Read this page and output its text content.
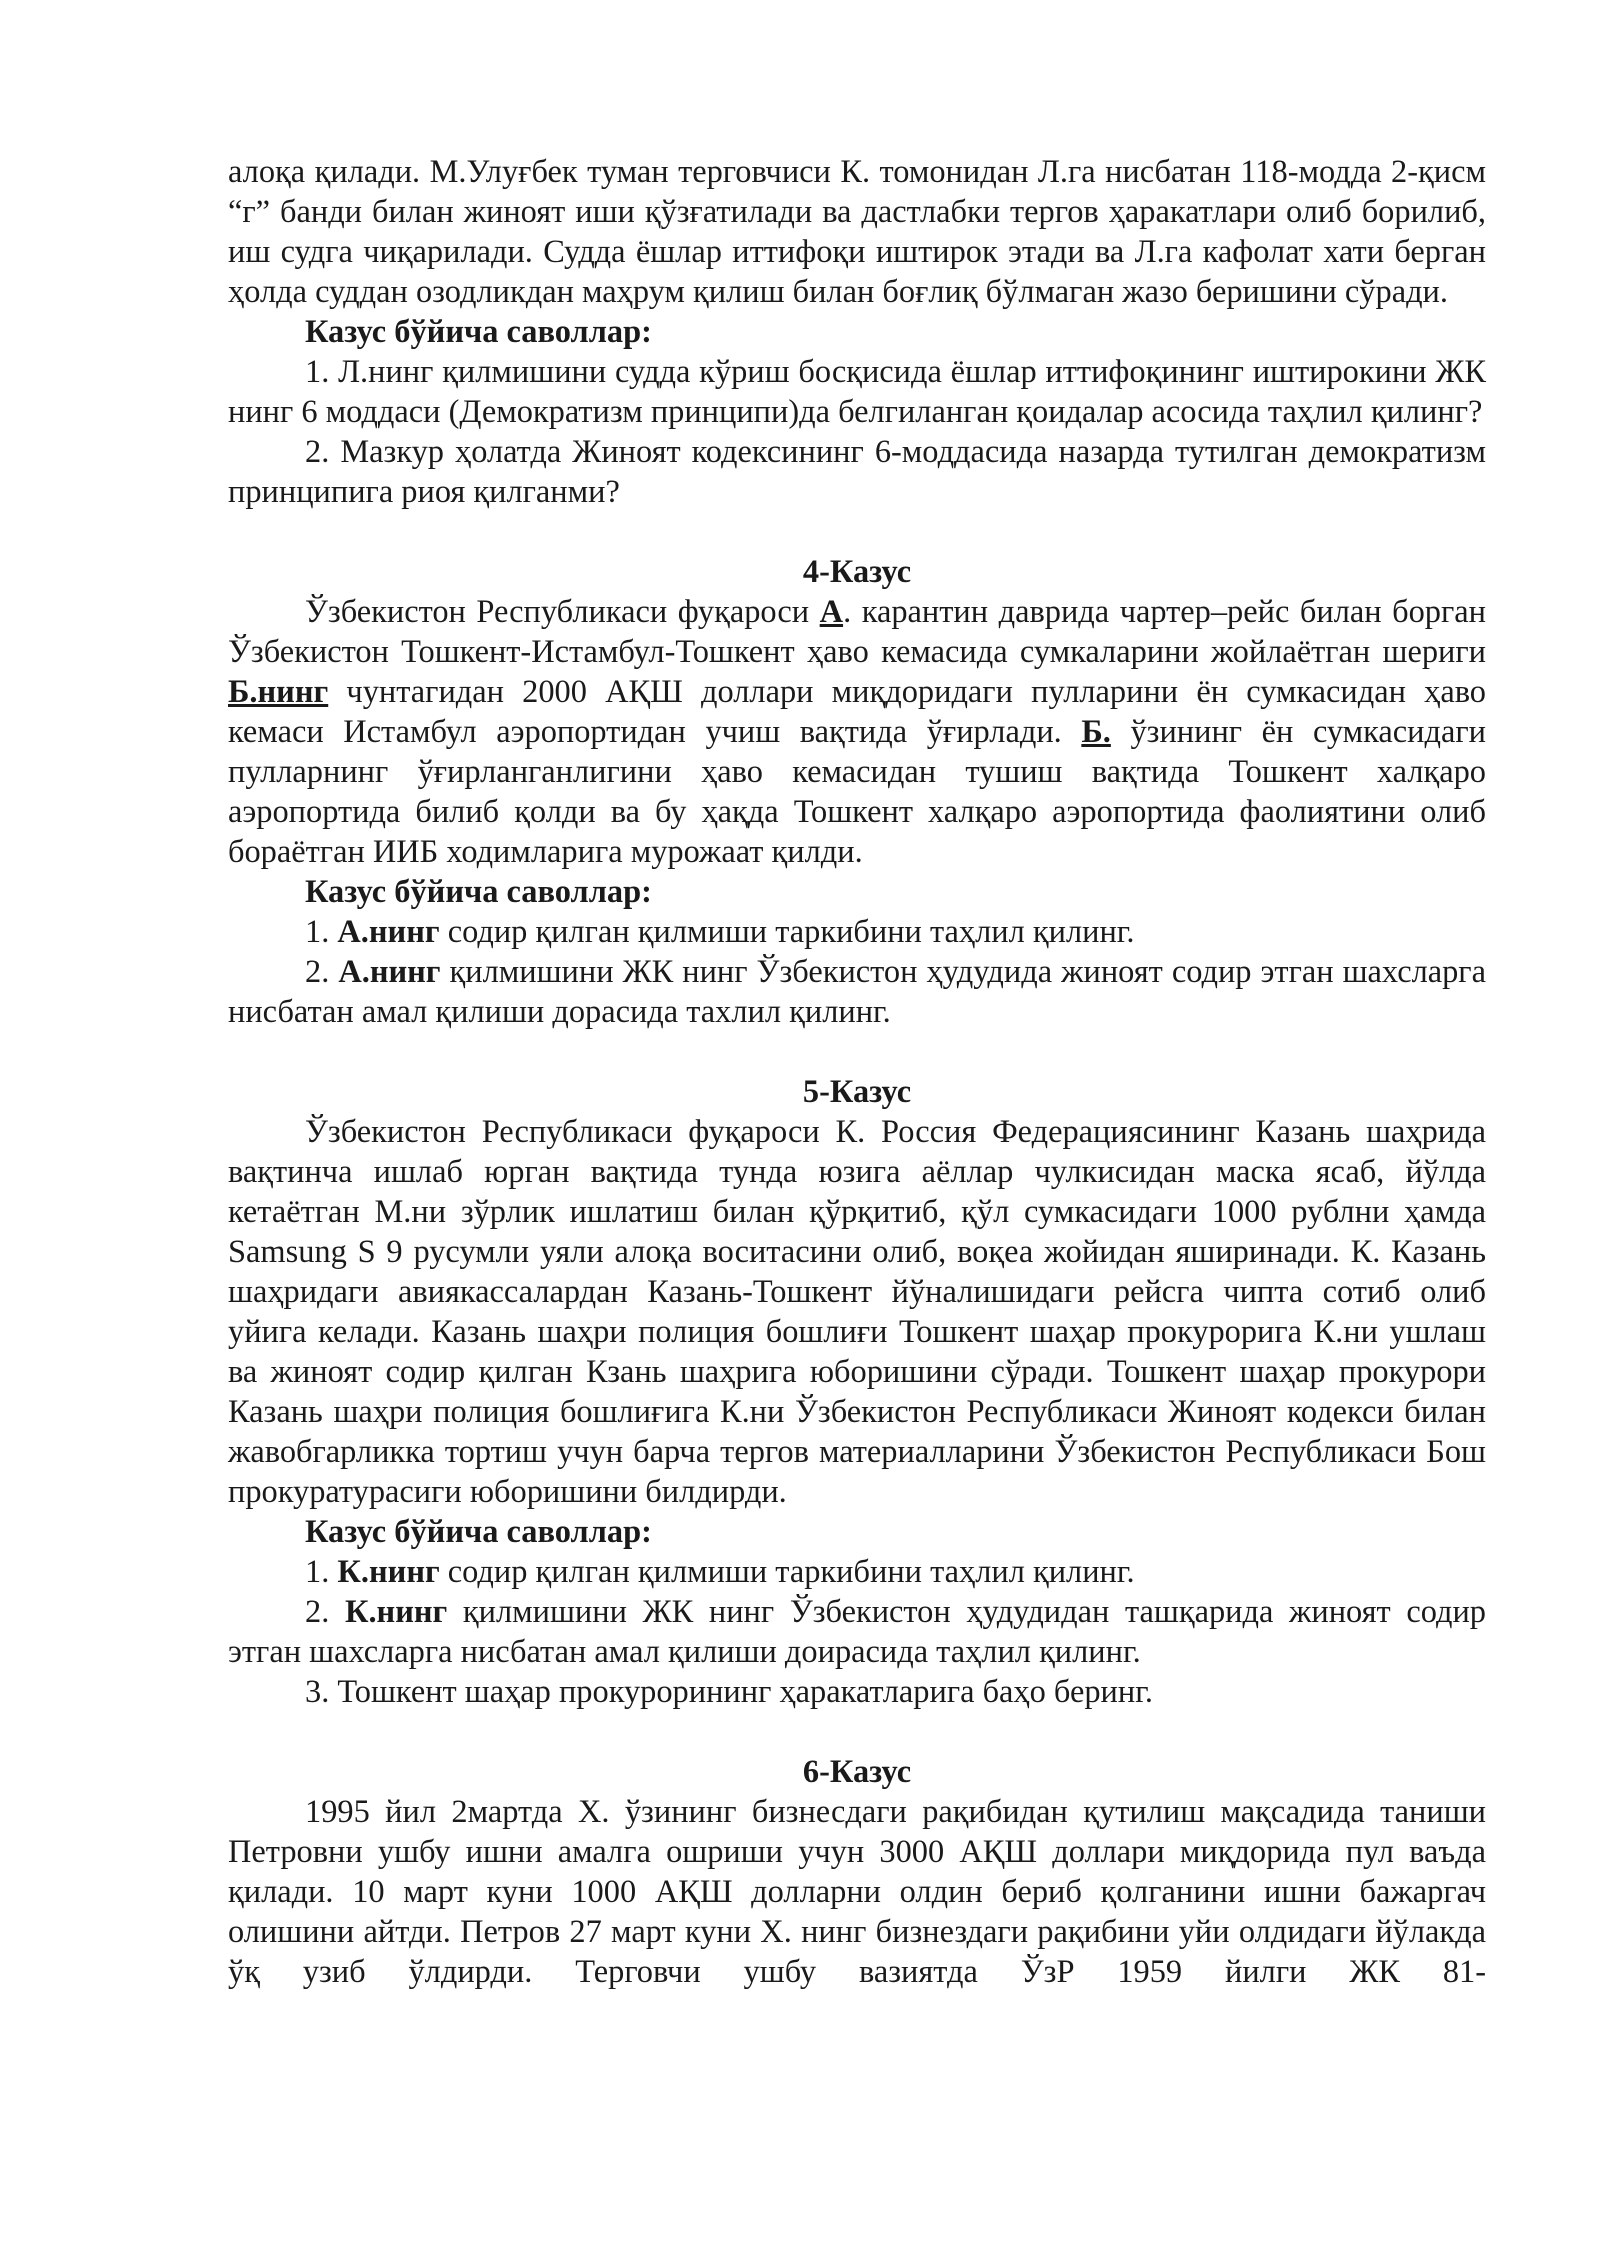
алоқа қилади. М.Улуғбек туман терговчиси К. томонидан Л.га нисбатан 118-модда 2-қисм “г” банди билан жиноят иши қўзғатилади ва дастлабки тергов ҳаракатлари олиб борилиб, иш судга чиқарилади. Судда ёшлар иттифоқи иштирок этади ва Л.га кафолат хати берган ҳолда суддан озодликдан маҳрум қилиш билан боғлиқ бўлмаган жазо беришини сўради.

Казус бўйича саволлар:

1. Л.нинг қилмишини судда кўриш босқисида ёшлар иттифоқининг иштирокини ЖК нинг 6 моддаси (Демократизм принципи)да белгиланган қоидалар асосида таҳлил қилинг?

2. Мазкур ҳолатда Жиноят кодексининг 6-моддасида назарда тутилган демократизм принципига риоя қилганми?

4-Казус

Ўзбекистон Республикаси фуқароси А. карантин даврида чартер–рейс билан борган Ўзбекистон Тошкент-Истамбул-Тошкент ҳаво кемасида сумкаларини жойлаётган шериги Б.нинг чунтагидан 2000 АҚШ доллари миқдоридаги пулларини ён сумкасидан ҳаво кемаси Истамбул аэропортидан учиш вақтида ўғирлади. Б. ўзининг ён сумкасидаги пулларнинг ўғирланганлигини ҳаво кемасидан тушиш вақтида Тошкент халқаро аэропортида билиб қолди ва бу ҳақда Тошкент халқаро аэропортида фаолиятини олиб бораётган ИИБ ходимларига мурожаат қилди.

Казус бўйича саволлар:

1. А.нинг содир қилган қилмиши таркибини таҳлил қилинг.

2. А.нинг қилмишини ЖК нинг Ўзбекистон ҳудудида жиноят содир этган шахсларга нисбатан амал қилиши дорасида тахлил қилинг.

5-Казус

Ўзбекистон Республикаси фуқароси К. Россия Федерациясининг Казань шаҳрида вақтинча ишлаб юрган вақтида тунда юзига аёллар чулкисидан маска ясаб, йўлда кетаётган М.ни зўрлик ишлатиш билан қўрқитиб, қўл сумкасидаги 1000 рублни ҳамда Samsung S 9 русумли уяли алоқа воситасини олиб, воқеа жойидан яширинади. К. Казань шаҳридаги авиякассалардан Казань-Тошкент йўналишидаги рейсга чипта сотиб олиб уйига келади. Казань шаҳри полиция бошлиғи Тошкент шаҳар прокурорига К.ни ушлаш ва жиноят содир қилган Кзань шаҳрига юборишини сўради. Тошкент шаҳар прокурори Казань шаҳри полиция бошлиғига К.ни Ўзбекистон Республикаси Жиноят кодекси билан жавобгарликка тортиш учун барча тергов материалларини Ўзбекистон Республикаси Бош прокуратурасиги юборишини билдирди.

Казус бўйича саволлар:

1. К.нинг содир қилган қилмиши таркибини таҳлил қилинг.

2. К.нинг қилмишини ЖК нинг Ўзбекистон ҳудудидан ташқарида жиноят содир этган шахсларга нисбатан амал қилиши доирасида таҳлил қилинг.

3. Тошкент шаҳар прокурорининг ҳаракатларига баҳо беринг.

6-Казус

1995 йил 2мартда Х. ўзининг бизнесдаги рақибидан қутилиш мақсадида таниши Петровни ушбу ишни амалга ошриши учун 3000 АҚШ доллари миқдорида пул ваъда қилади. 10 март куни 1000 АҚШ долларни олдин бериб қолганини ишни бажаргач олишини айтди. Петров 27 март куни Х. нинг бизнездаги рақибини уйи олдидаги йўлакда ўқ узиб ўлдирди. Терговчи ушбу вазиятда ЎзР 1959 йилги ЖК 81-
